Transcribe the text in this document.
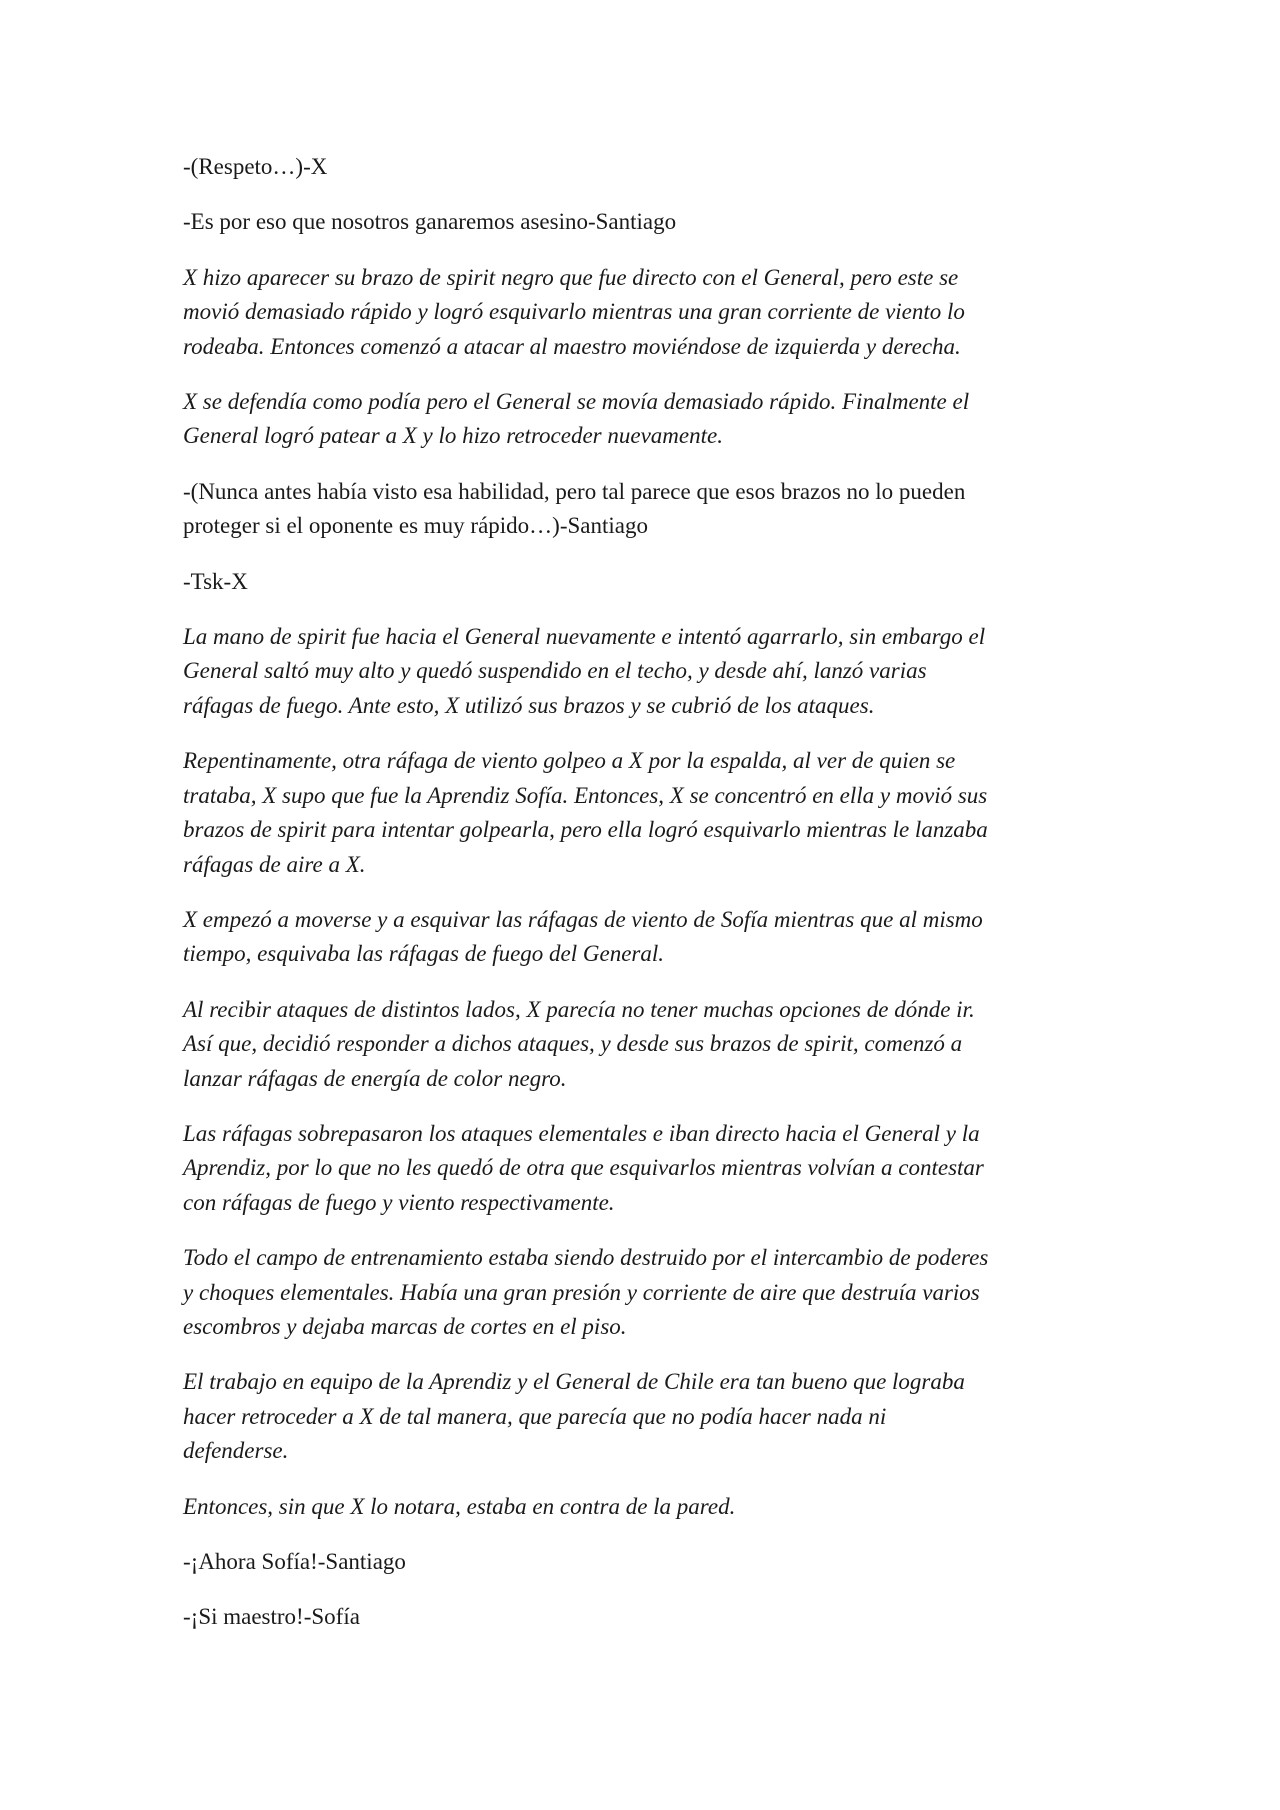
-(Respeto…)-X

-Es por eso que nosotros ganaremos asesino-Santiago

X hizo aparecer su brazo de spirit negro que fue directo con el General, pero este se
movió demasiado rápido y logró esquivarlo mientras una gran corriente de viento lo
rodeaba. Entonces comenzó a atacar al maestro moviéndose de izquierda y derecha.

X se defendía como podía pero el General se movía demasiado rápido. Finalmente el
General logró patear a X y lo hizo retroceder nuevamente.

-(Nunca antes había visto esa habilidad, pero tal parece que esos brazos no lo pueden
proteger si el oponente es muy rápido…)-Santiago

-Tsk-X

La mano de spirit fue hacia el General nuevamente e intentó agarrarlo, sin embargo el
General saltó muy alto y quedó suspendido en el techo, y desde ahí, lanzó varias
ráfagas de fuego. Ante esto, X utilizó sus brazos y se cubrió de los ataques.

Repentinamente, otra ráfaga de viento golpeo a X por la espalda, al ver de quien se
trataba, X supo que fue la Aprendiz Sofía. Entonces, X se concentró en ella y movió sus
brazos de spirit para intentar golpearla, pero ella logró esquivarlo mientras le lanzaba
ráfagas de aire a X.

X empezó a moverse y a esquivar las ráfagas de viento de Sofía mientras que al mismo
tiempo, esquivaba las ráfagas de fuego del General.

Al recibir ataques de distintos lados, X parecía no tener muchas opciones de dónde ir.
Así que, decidió responder a dichos ataques, y desde sus brazos de spirit, comenzó a
lanzar ráfagas de energía de color negro.

Las ráfagas sobrepasaron los ataques elementales e iban directo hacia el General y la
Aprendiz, por lo que no les quedó de otra que esquivarlos mientras volvían a contestar
con ráfagas de fuego y viento respectivamente.

Todo el campo de entrenamiento estaba siendo destruido por el intercambio de poderes
y choques elementales. Había una gran presión y corriente de aire que destruía varios
escombros y dejaba marcas de cortes en el piso.

El trabajo en equipo de la Aprendiz y el General de Chile era tan bueno que lograba
hacer retroceder a X de tal manera, que parecía que no podía hacer nada ni
defenderse.

Entonces, sin que X lo notara, estaba en contra de la pared.

-¡Ahora Sofía!-Santiago

-¡Si maestro!-Sofía
